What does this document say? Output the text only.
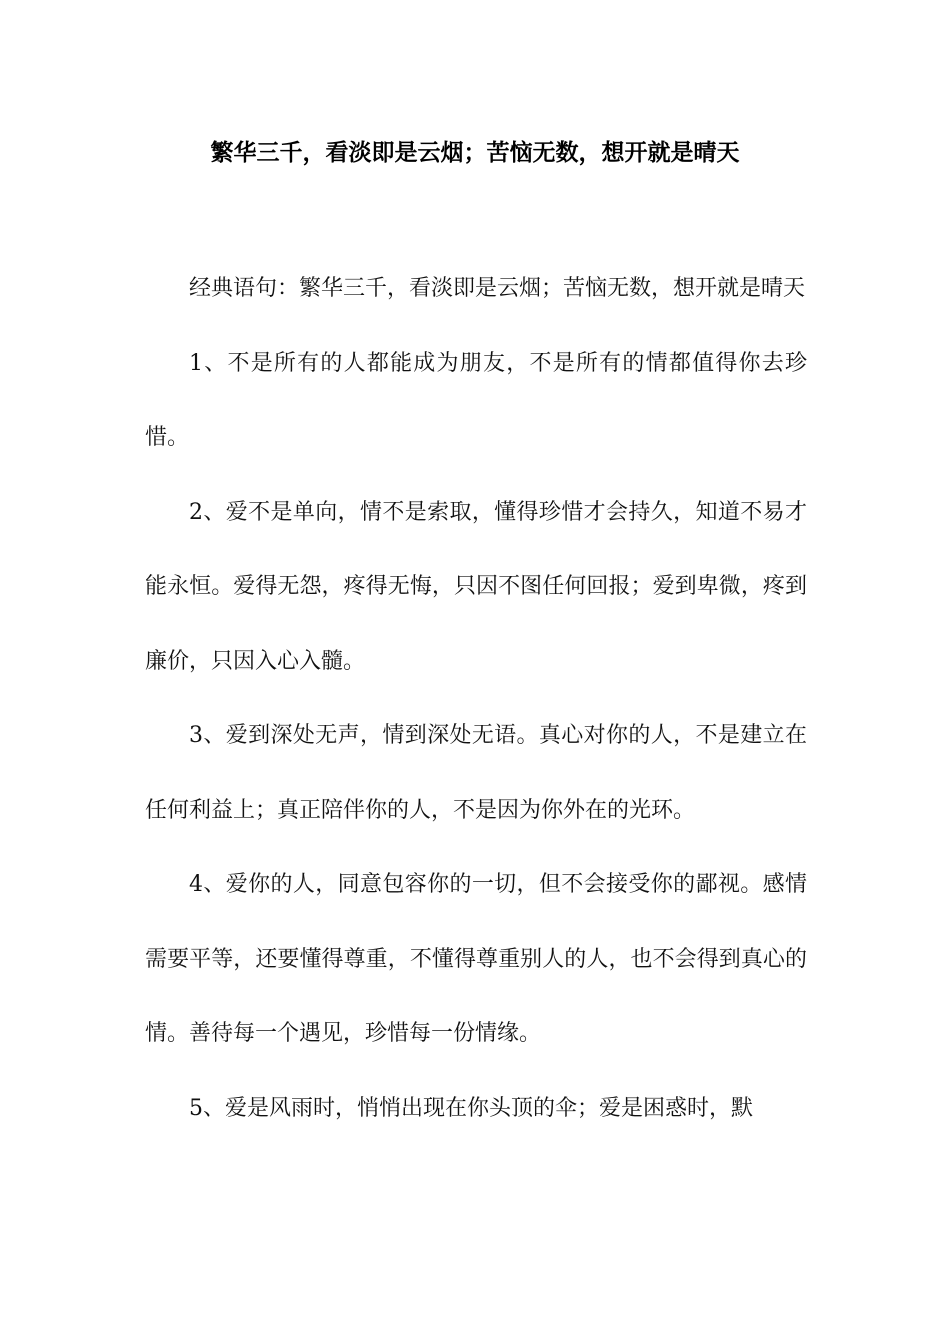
繁华三千，看淡即是云烟；苦恼无数，想开就是晴天

经典语句：繁华三千，看淡即是云烟；苦恼无数，想开就是晴天

1、不是所有的人都能成为朋友，不是所有的情都值得你去珍惜。

2、爱不是单向，情不是索取，懂得珍惜才会持久，知道不易才能永恒。爱得无怨，疼得无悔，只因不图任何回报；爱到卑微，疼到廉价，只因入心入髓。

3、爱到深处无声，情到深处无语。真心对你的人，不是建立在任何利益上；真正陪伴你的人，不是因为你外在的光环。

4、爱你的人，同意包容你的一切，但不会接受你的鄙视。感情需要平等，还要懂得尊重，不懂得尊重别人的人，也不会得到真心的情。善待每一个遇见，珍惜每一份情缘。

5、爱是风雨时，悄悄出现在你头顶的伞；爱是困惑时，默
